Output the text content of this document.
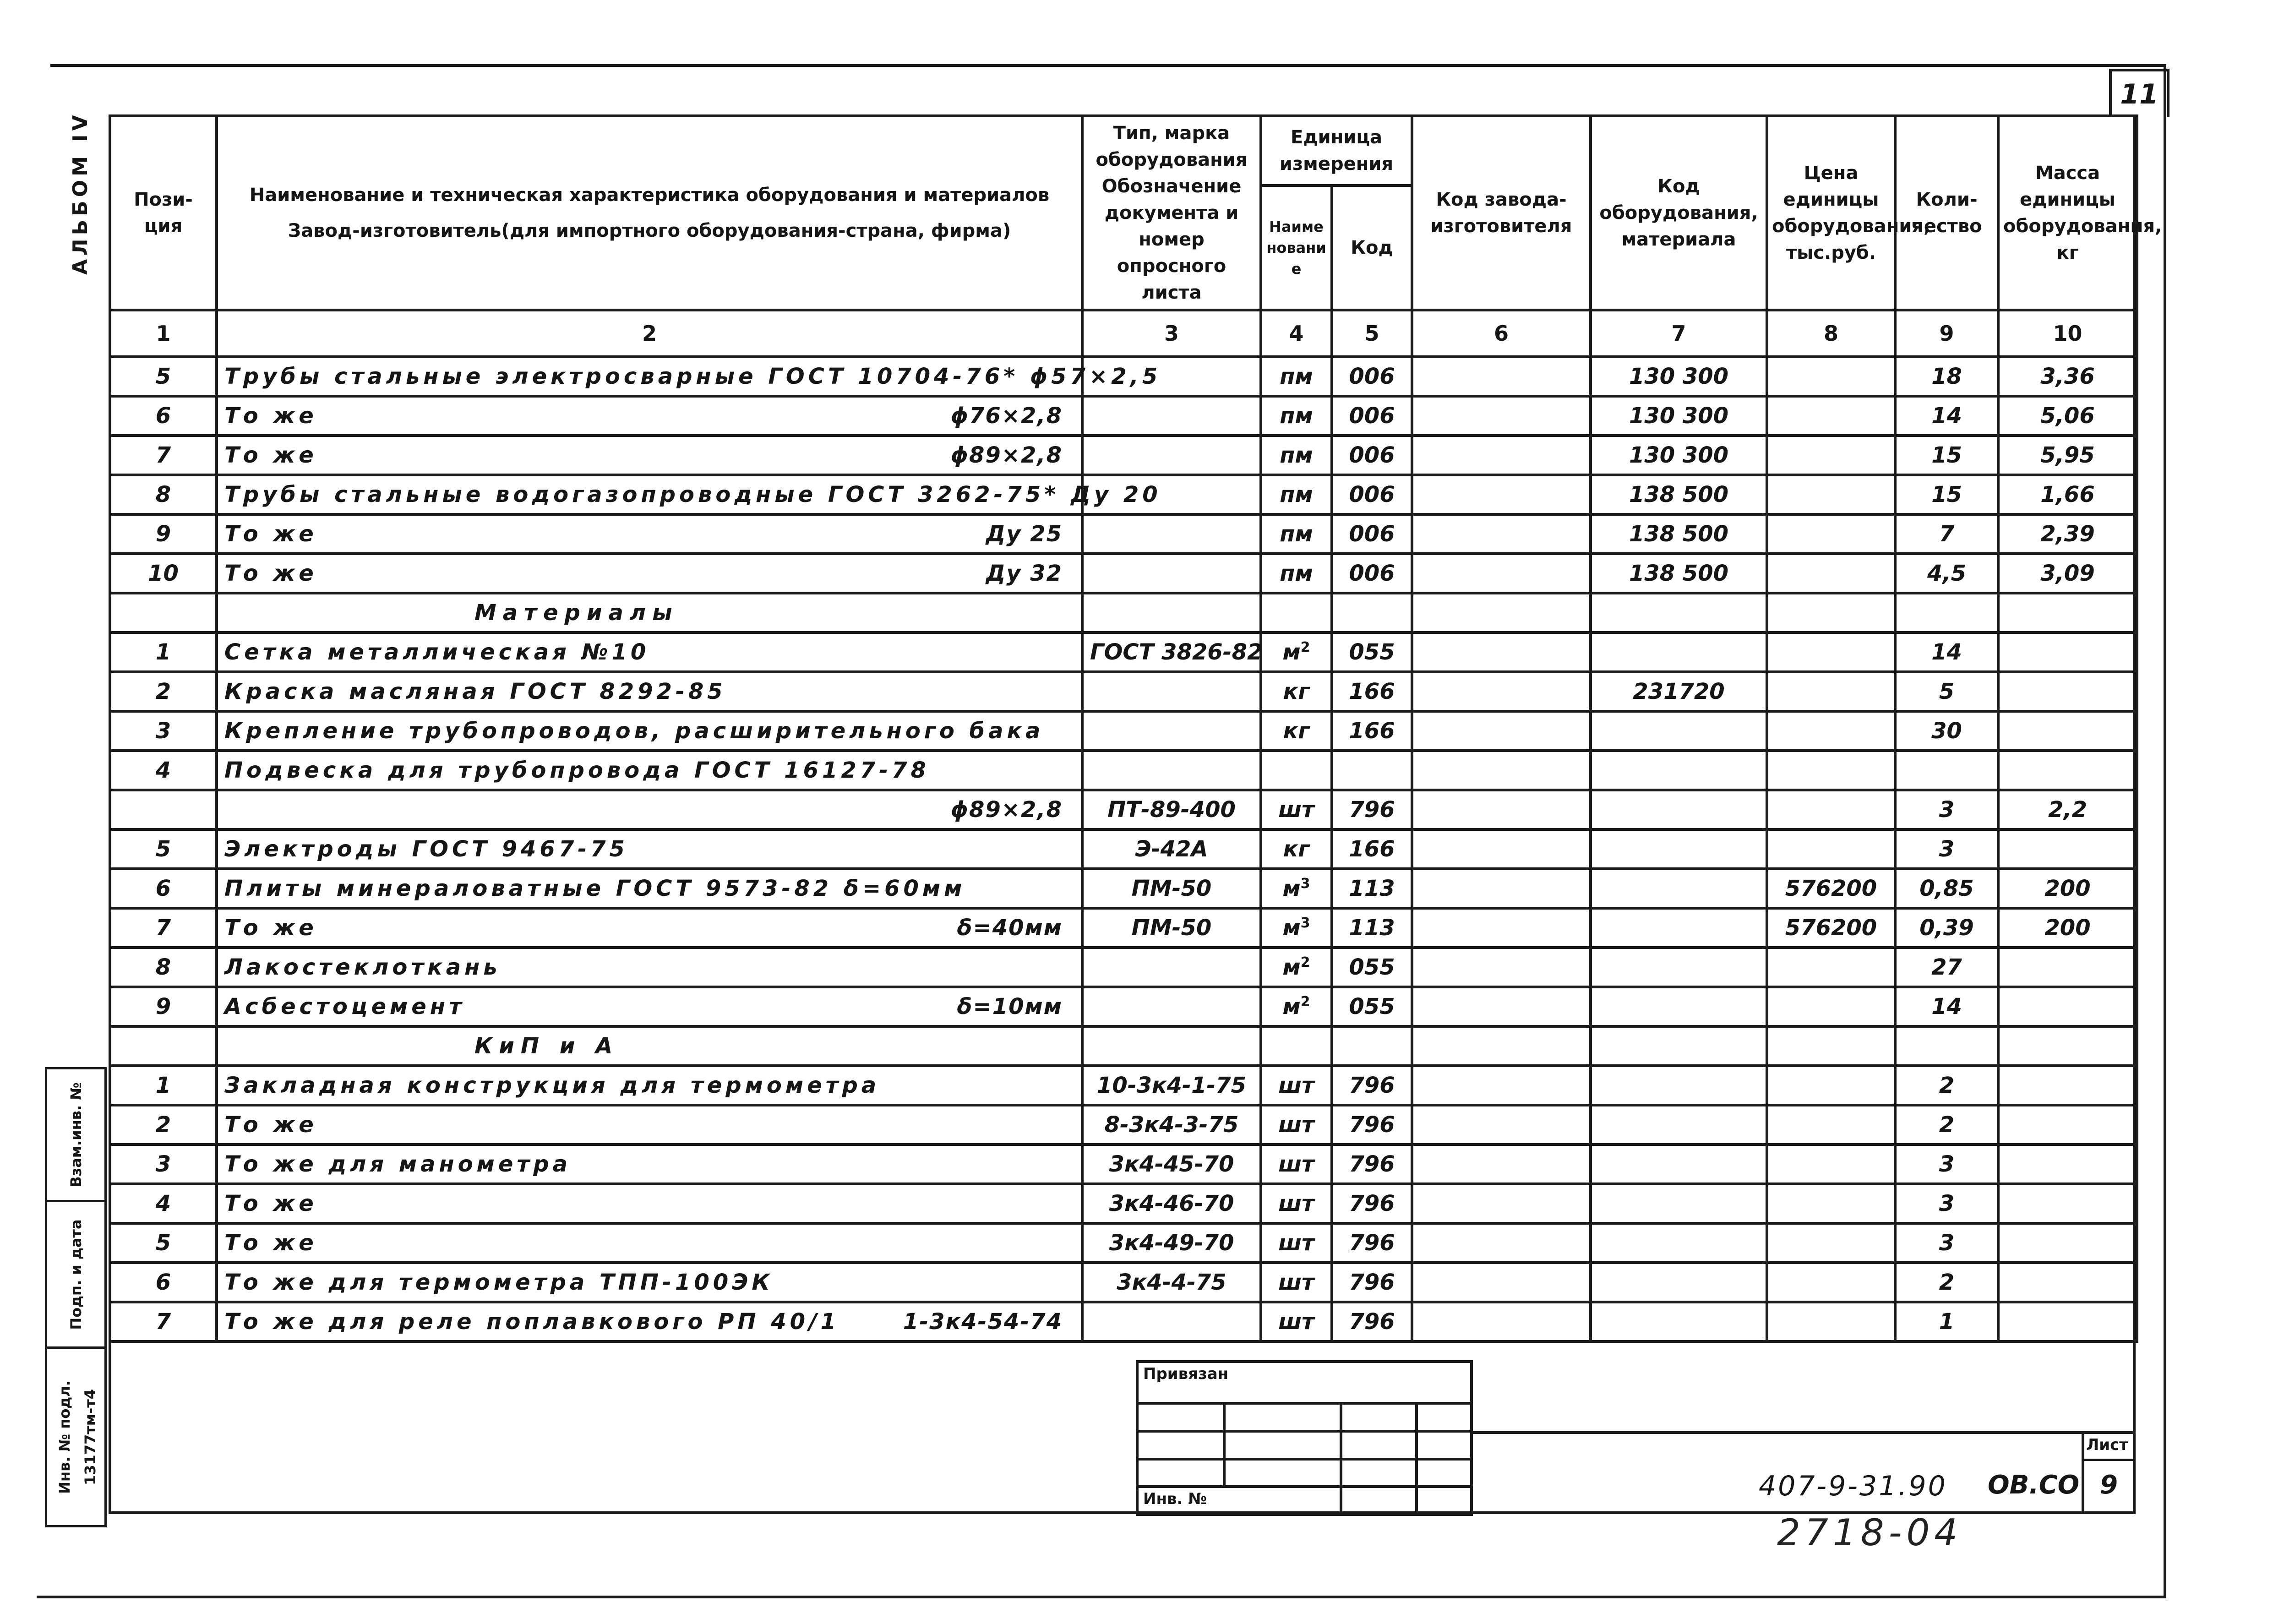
11
АЛЬБОМ IV Пози-ция	Наименование и техническая характеристика оборудования и материалов
Завод-изготовитель(для импортного оборудования-страна, фирма)	Тип, марка оборудования Обозначение документа и номер опросного листа	Единица измерения		Код завода-изготовителя	Код оборудования, материала	Цена единицы оборудования, тыс.руб.	Коли-чество	Масса единицы оборудования, кг
			Наименование	Код					
1	2	3	4	5	6	7	8	9	10
5	Трубы стальные электросварные ГОСТ 10704-76* ϕ57×2,5		пм	006		130 300		18	3,36
6	То же ϕ76×2,8		пм	006		130 300		14	5,06
7	То же ϕ89×2,8		пм	006		130 300		15	5,95
8	Трубы стальные водогазопроводные ГОСТ 3262-75* Ду 20		пм	006		138 500		15	1,66
9	То же Ду 25		пм	006		138 500		7	2,39
10	То же Ду 32		пм	006		138 500		4,5	3,09
	Материалы								
1	Сетка металлическая №10	ГОСТ 3826-82	$м^2$	055				14	
2	Краска масляная ГОСТ 8292-85		кг	166		231720		5	
3	Крепление трубопроводов, расширительного бака		кг	166				30	
4	Подвеска для трубопровода ГОСТ 16127-78

	ϕ89×2,8	ПТ-89-400	шт	796				3	2,2
5	Электроды ГОСТ 9467-75	Э-42А	кг	166				3	
6	Плиты минераловатные ГОСТ 9573-82 δ=60мм	ПМ-50	$м^3$	113			576200	0,85	200
7	То же δ=40мм	ПМ-50	$м^3$	113			576200	0,39	200
8	Лакостеклоткань		$м^2$	055				27	
9	Асбестоцемент δ=10мм		$м^2$	055				14	
	КиП и А								
1	Закладная конструкция для термометра	10-3к4-1-75	шт	796				2	
2	То же	8-3к4-3-75	шт	796				2	
3	То же для манометра	3к4-45-70	шт	796				3	
4	То же	3к4-46-70	шт	796				3	
5	То же	3к4-49-70	шт	796				3	
6	То же для термометра ТПП-100ЭК	3к4-4-75	шт	796				2	
7	То же для реле поплавкового РП 40/1 1-3к4-54-74		шт	796				1	
Привязан			

Инв. №			
Взам.инв. №

Подп. и дата

Инв. № подл. 13177тм-т4
407-9-31.90 ОВ.СО
Лист
9
2718-04
